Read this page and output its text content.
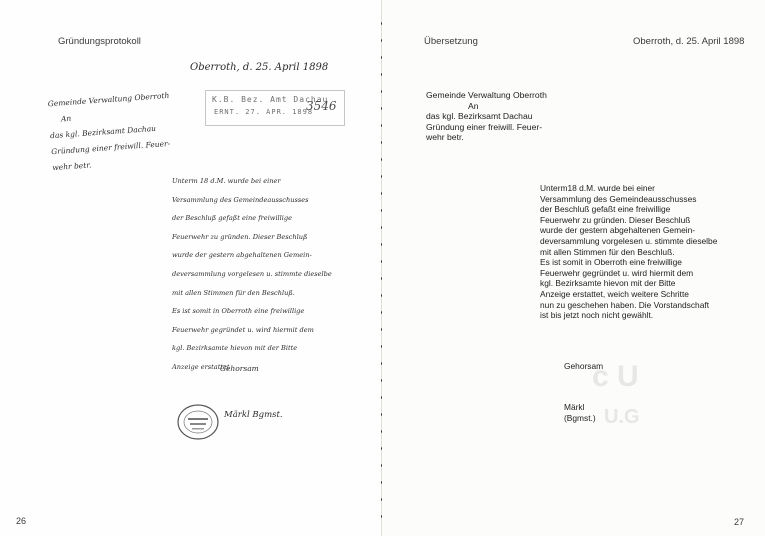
Gründungsprotokoll
Oberroth, d. 25. April 1898
Gemeinde Verwaltung Oberroth
An
das kgl. Bezirksamt Dachau
Gründung einer freiwill. Feuer-
wehr betr.
Unterm 18 d.M. wurde bei einer
Versammlung des Gemeindeausschusses
der Beschluß gefaßt eine freiwillige
Feuerwehr zu gründen. Dieser Beschluß
wurde der gestern abgehaltenen Gemein-
deversammlung vorgelesen u. stimmte dieselbe
mit allen Stimmen für den Beschluß.
Es ist somit in Oberroth eine freiwillige
Feuerwehr gegründet u. wird hiermit dem
kgl. Bezirksamte hievon mit der Bitte
Anzeige erstattet
Gehorsam
Märkl Bgmst.
K.B. Bez. Amt Dachau
ERNT. 27. APR. 1898
3546
26
c U
U.G
Übersetzung	Oberroth, d. 25. April 1898
Gemeinde Verwaltung Oberroth
An
das kgl. Bezirksamt Dachau
Gründung einer freiwill. Feuer-
wehr betr.
Unterm18 d.M. wurde bei einer
Versammlung des Gemeindeausschusses
der Beschluß gefaßt eine freiwillige
Feuerwehr zu gründen. Dieser Beschluß
wurde der gestern abgehaltenen Gemein-
deversammlung vorgelesen u. stimmte dieselbe
mit allen Stimmen für den Beschluß.
Es ist somit in Oberroth eine freiwillige
Feuerwehr gegründet u. wird hiermit dem
kgl. Bezirksamte hievon mit der Bitte
Anzeige erstattet, weich weitere Schritte
nun zu geschehen haben. Die Vorstandschaft
ist bis jetzt noch nicht gewählt.
Gehorsam
Märkl
(Bgmst.)
27
